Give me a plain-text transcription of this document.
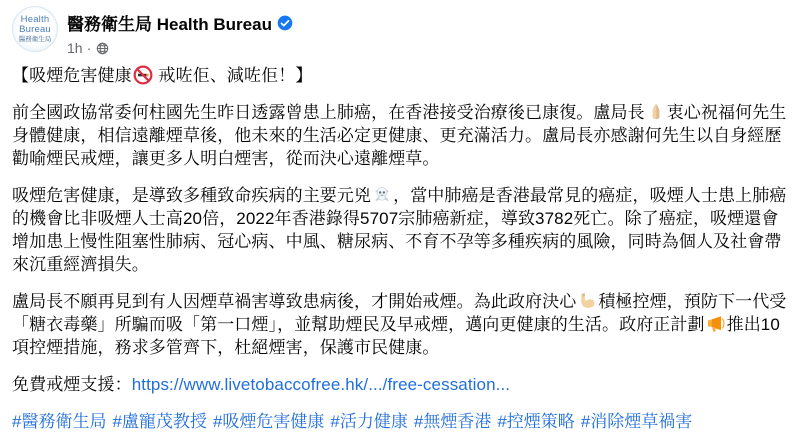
Health
Bureau
醫務衛生局
醫務衛生局 Health Bureau
1h ·
【吸煙危害健康
戒咗佢、減咗佢！】
前全國政協常委何柱國先生昨日透露曾患上肺癌，在香港接受治療後已康復。盧局長 衷心祝福何先生身體健康，相信遠離煙草後，他未來的生活必定更健康、更充滿活力。盧局長亦感謝何先生以自身經歷勸喻煙民戒煙，讓更多人明白煙害，從而決心遠離煙草。
吸煙危害健康，是導致多種致命疾病的主要元兇 ，當中肺癌是香港最常見的癌症，吸煙人士患上肺癌的機會比非吸煙人士高20倍，2022年香港錄得5707宗肺癌新症，導致3782死亡。除了癌症，吸煙還會增加患上慢性阻塞性肺病、冠心病、中風、糖尿病、不育不孕等多種疾病的風險，同時為個人及社會帶來沉重經濟損失。
盧局長不願再見到有人因煙草禍害導致患病後，才開始戒煙。為此政府決心 積極控煙，預防下一代受「糖衣毒藥」所騙而吸「第一口煙」，並幫助煙民及早戒煙，邁向更健康的生活。政府正計劃 推出10項控煙措施，務求多管齊下，杜絕煙害，保護市民健康。
免費戒煙支援：https://www.livetobaccofree.hk/.../free-cessation...
#醫務衛生局 #盧寵茂教授 #吸煙危害健康 #活力健康 #無煙香港 #控煙策略 #消除煙草禍害
